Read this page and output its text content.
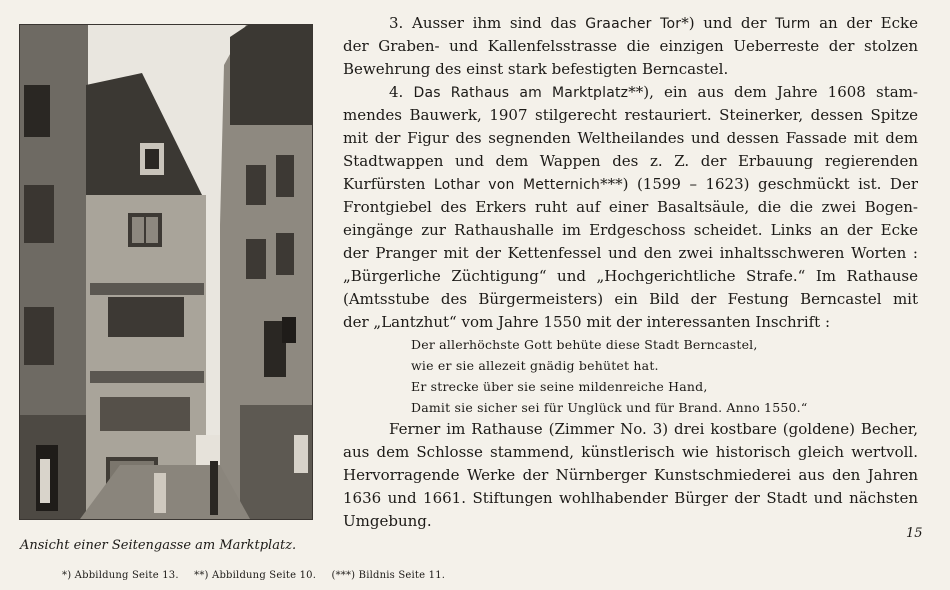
Ansicht einer Seitengasse am Marktplatz.
*) Abbildung Seite 13. **) Abbildung Seite 10. (***) Bildnis Seite 11.
15
3. Ausser ihm sind das Graacher Tor*) und der Turm an der Ecke
der Graben- und Kallenfelsstrasse die einzigen Ueberreste der stolzen
Bewehrung des einst stark befestigten Berncastel.
4. Das Rathaus am Marktplatz**), ein aus dem Jahre 1608 stam-
mendes Bauwerk, 1907 stilgerecht restauriert. Steinerker, dessen Spitze
mit der Figur des segnenden Weltheilandes und dessen Fassade mit dem
Stadtwappen und dem Wappen des z. Z. der Erbauung regierenden
Kurfürsten Lothar von Metternich***) (1599 – 1623) geschmückt ist. Der
Frontgiebel des Erkers ruht auf einer Basaltsäule, die die zwei Bogen-
eingänge zur Rathaushalle im Erdgeschoss scheidet. Links an der Ecke
der Pranger mit der Kettenfessel und den zwei inhaltsschweren Worten :
„Bürgerliche Züchtigung“ und „Hochgerichtliche Strafe.“ Im Rathause
(Amtsstube des Bürgermeisters) ein Bild der Festung Berncastel mit
der „Lantzhut“ vom Jahre 1550 mit der interessanten Inschrift :
Der allerhöchste Gott behüte diese Stadt Berncastel,
wie er sie allezeit gnädig behütet hat.
Er strecke über sie seine mildenreiche Hand,
Damit sie sicher sei für Unglück und für Brand. Anno 1550.“
Ferner im Rathause (Zimmer No. 3) drei kostbare (goldene) Becher,
aus dem Schlosse stammend, künstlerisch wie historisch gleich wertvoll.
Hervorragende Werke der Nürnberger Kunstschmiederei aus den Jahren
1636 und 1661. Stiftungen wohlhabender Bürger der Stadt und nächsten
Umgebung.
